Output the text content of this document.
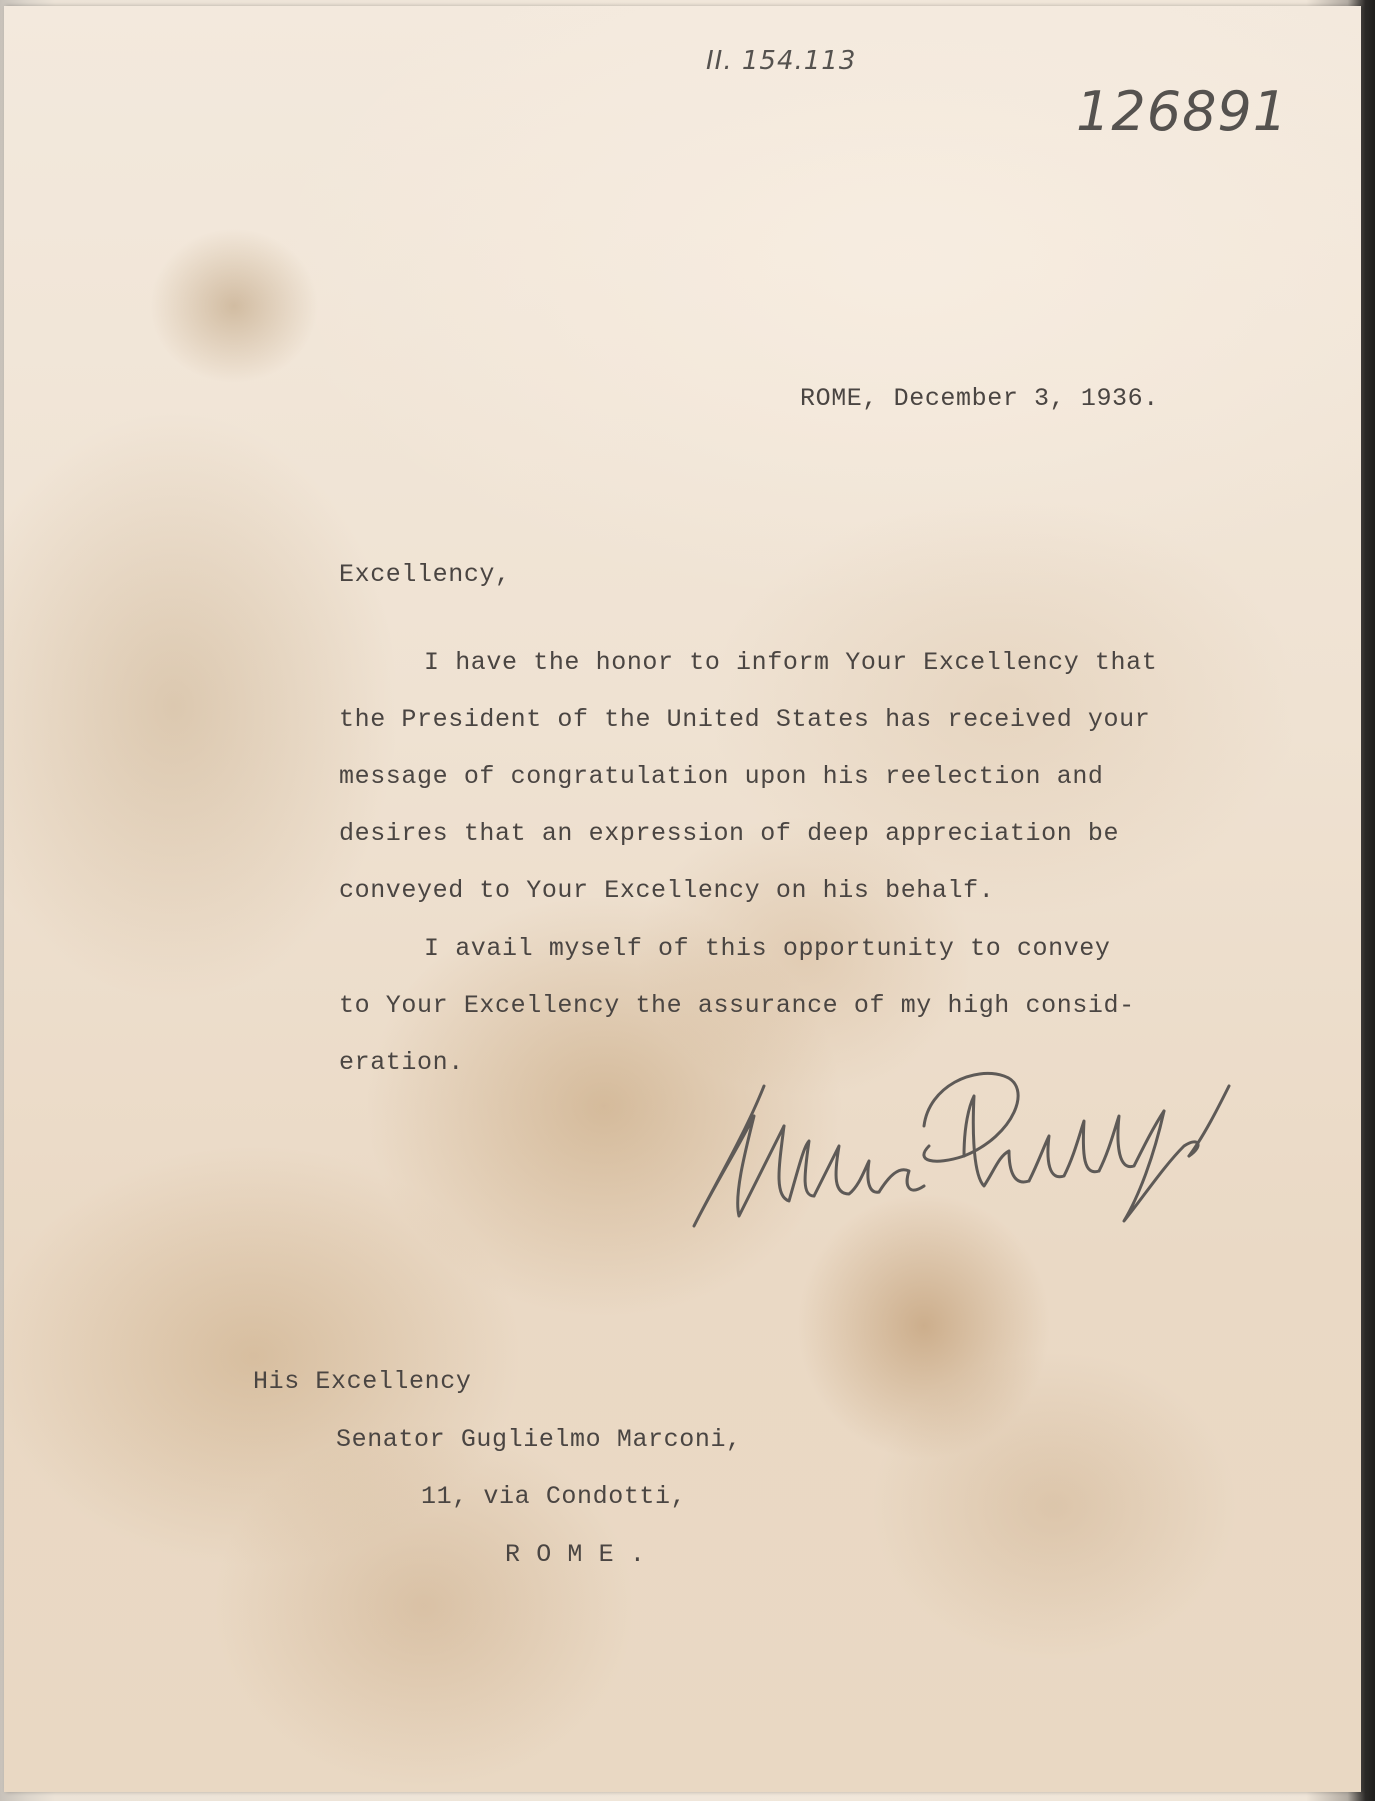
II. 154.113

126891

ROME, December 3, 1936.

Excellency,

I have the honor to inform Your Excellency that

the President of the United States has received your

message of congratulation upon his reelection and

desires that an expression of deep appreciation be

conveyed to Your Excellency on his behalf.

I avail myself of this opportunity to convey

to Your Excellency the assurance of my high consid-

eration.

His Excellency

Senator Guglielmo Marconi,

11, via Condotti,

R O M E .
